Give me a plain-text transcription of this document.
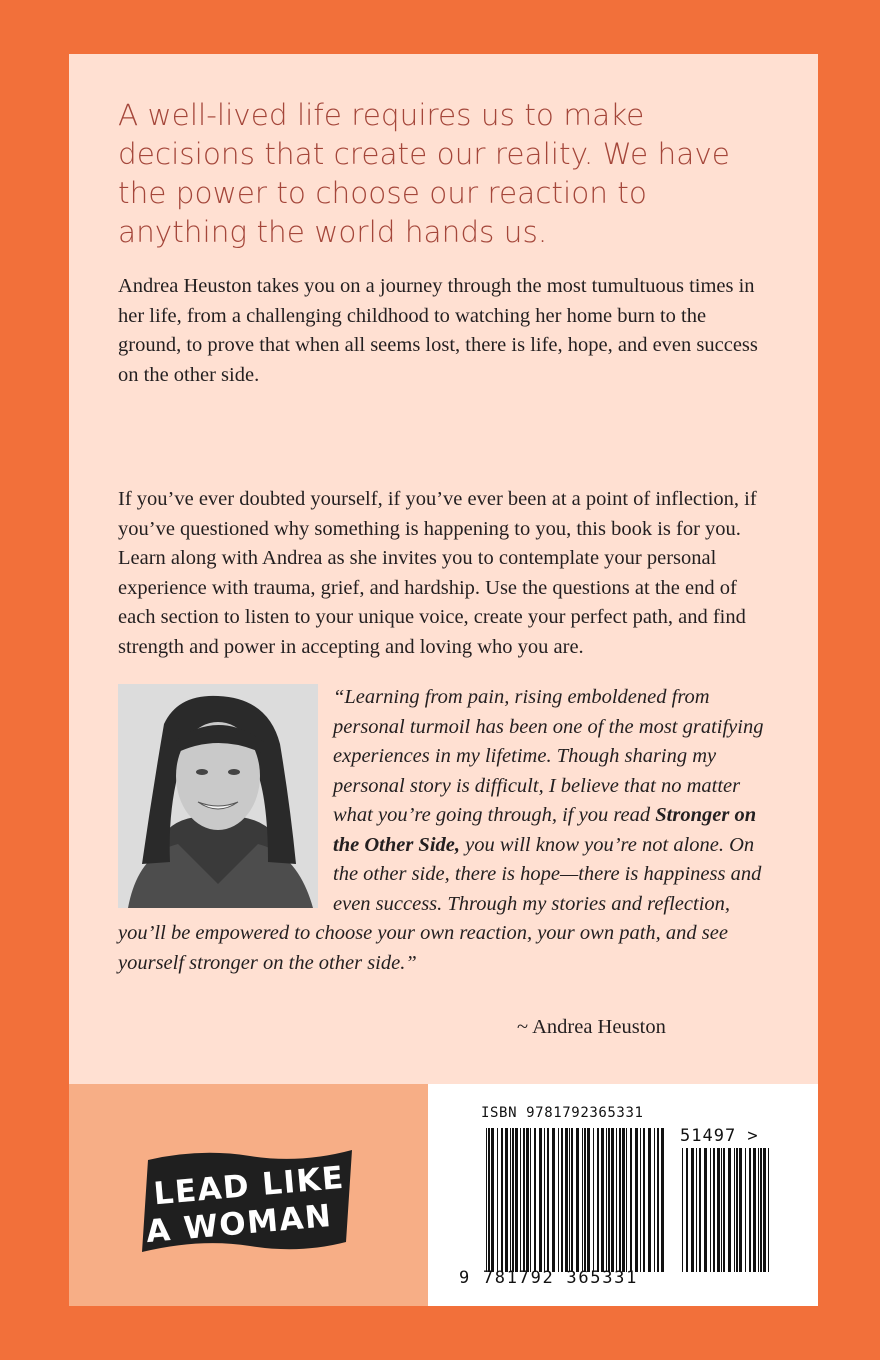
A well-lived life requires us to make decisions that create our reality. We have the power to choose our reaction to anything the world hands us.

Andrea Heuston takes you on a journey through the most tumultuous times in her life, from a challenging childhood to watching her home burn to the ground, to prove that when all seems lost, there is life, hope, and even success on the other side.

If you’ve ever doubted yourself, if you’ve ever been at a point of inflection, if you’ve questioned why something is happening to you, this book is for you. Learn along with Andrea as she invites you to contemplate your personal experience with trauma, grief, and hardship. Use the questions at the end of each section to listen to your unique voice, create your perfect path, and find strength and power in accepting and loving who you are.

“Learning from pain, rising emboldened from personal turmoil has been one of the most gratifying experiences in my lifetime. Though sharing my personal story is difficult, I believe that no matter what you’re going through, if you read Stronger on the Other Side, you will know you’re not alone. On the other side, there is hope—there is happiness and even success. Through my stories and reflection, you’ll be empowered to choose your own reaction, your own path, and see yourself stronger on the other side.”

~ Andrea Heuston
LEAD LIKE
A WOMAN
ISBN 9781792365331
51497 >
9 781792 365331
